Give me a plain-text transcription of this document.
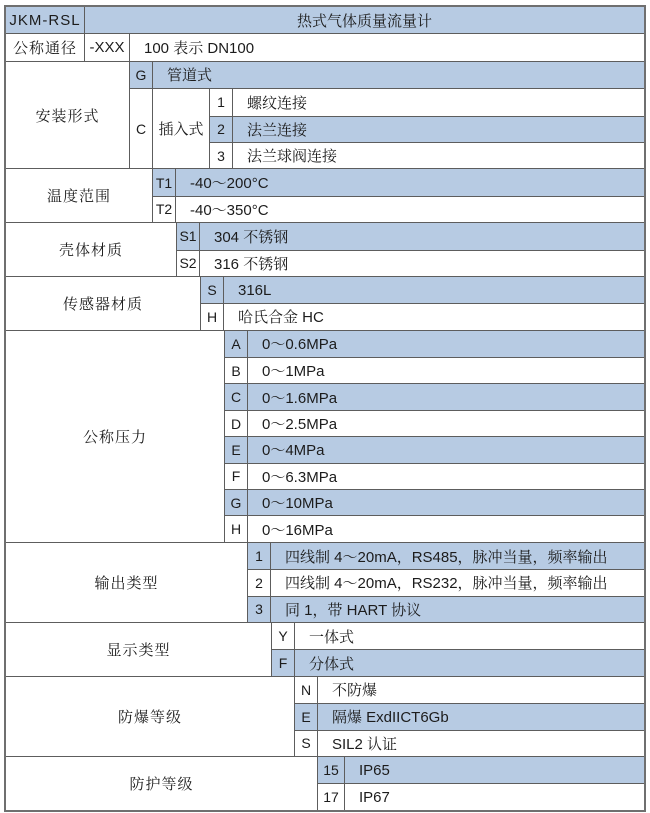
JKM-RSL	热式气体质量流量计
公称通径 -XXX	100 表示 DN100
安装形式
G	管道式
C 插入式
1	螺纹连接
2	法兰连接
3	法兰球阀连接
温度范围
T1	-40～200°C
T2	-40～350°C
壳体材质
S1	304 不锈钢
S2	316 不锈钢
传感器材质
S	316L
H	哈氏合金 HC
公称压力
A	0～0.6MPa
B	0～1MPa
C	0～1.6MPa
D	0～2.5MPa
E	0～4MPa
F	0～6.3MPa
G	0～10MPa
H	0～16MPa
输出类型
1	四线制 4～20mA，RS485，脉冲当量，频率输出
2	四线制 4～20mA，RS232，脉冲当量，频率输出
3	同 1，带 HART 协议
显示类型
Y	一体式
F	分体式
防爆等级
N	不防爆
E	隔爆 ExdIICT6Gb
S	SIL2 认证
防护等级
15	IP65
17	IP67
